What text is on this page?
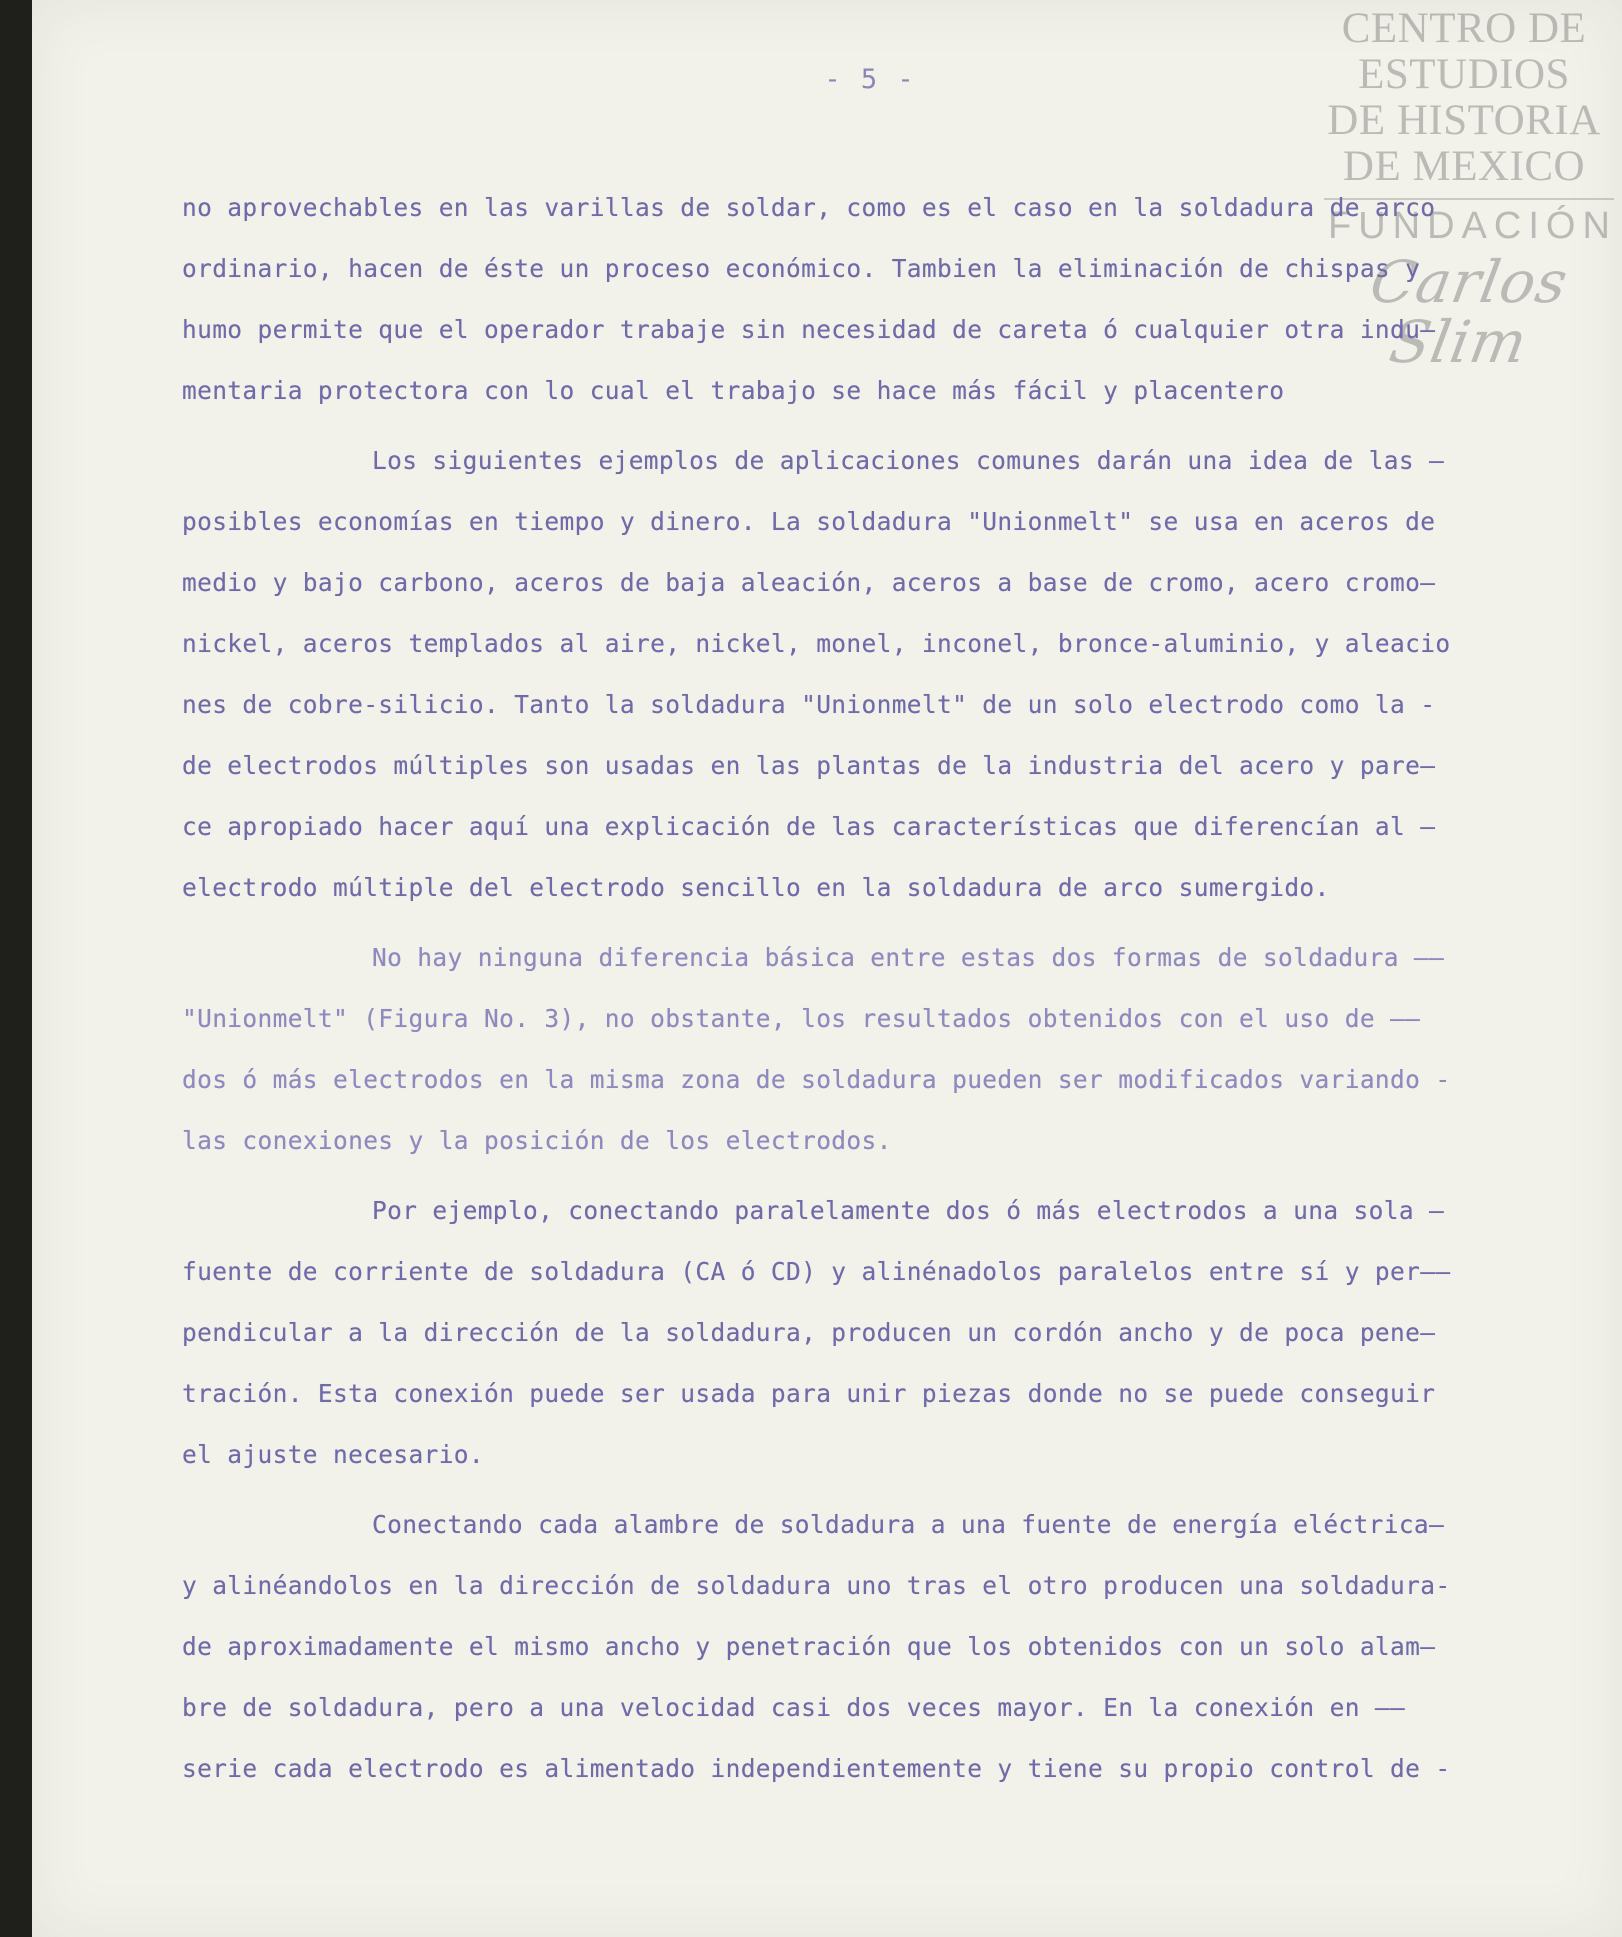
CENTRO DE
ESTUDIOS
DE HISTORIA
DE MEXICO
FUNDACIÓN
Carlos Slim
- 5 -
no aprovechables en las varillas de soldar, como es el caso en la soldadura de arco
ordinario, hacen de éste un proceso económico. Tambien la eliminación de chispas y
humo permite que el operador trabaje sin necesidad de careta ó cualquier otra indu–
mentaria protectora con lo cual el trabajo se hace más fácil y placentero
Los siguientes ejemplos de aplicaciones comunes darán una idea de las —
posibles economías en tiempo y dinero. La soldadura "Unionmelt" se usa en aceros de
medio y bajo carbono, aceros de baja aleación, aceros a base de cromo, acero cromo–
nickel, aceros templados al aire, nickel, monel, inconel, bronce-aluminio, y aleacio
nes de cobre-silicio. Tanto la soldadura "Unionmelt" de un solo electrodo como la -
de electrodos múltiples son usadas en las plantas de la industria del acero y pare–
ce apropiado hacer aquí una explicación de las características que diferencían al —
electrodo múltiple del electrodo sencillo en la soldadura de arco sumergido.
No hay ninguna diferencia básica entre estas dos formas de soldadura ——
"Unionmelt" (Figura No. 3), no obstante, los resultados obtenidos con el uso de ——
dos ó más electrodos en la misma zona de soldadura pueden ser modificados variando -
las conexiones y la posición de los electrodos.
Por ejemplo, conectando paralelamente dos ó más electrodos a una sola —
fuente de corriente de soldadura (CA ó CD) y alinénadolos paralelos entre sí y per——
pendicular a la dirección de la soldadura, producen un cordón ancho y de poca pene–
tración. Esta conexión puede ser usada para unir piezas donde no se puede conseguir
el ajuste necesario.
Conectando cada alambre de soldadura a una fuente de energía eléctrica—
y alinéandolos en la dirección de soldadura uno tras el otro producen una soldadura-
de aproximadamente el mismo ancho y penetración que los obtenidos con un solo alam—
bre de soldadura, pero a una velocidad casi dos veces mayor. En la conexión en ——
serie cada electrodo es alimentado independientemente y tiene su propio control de -
